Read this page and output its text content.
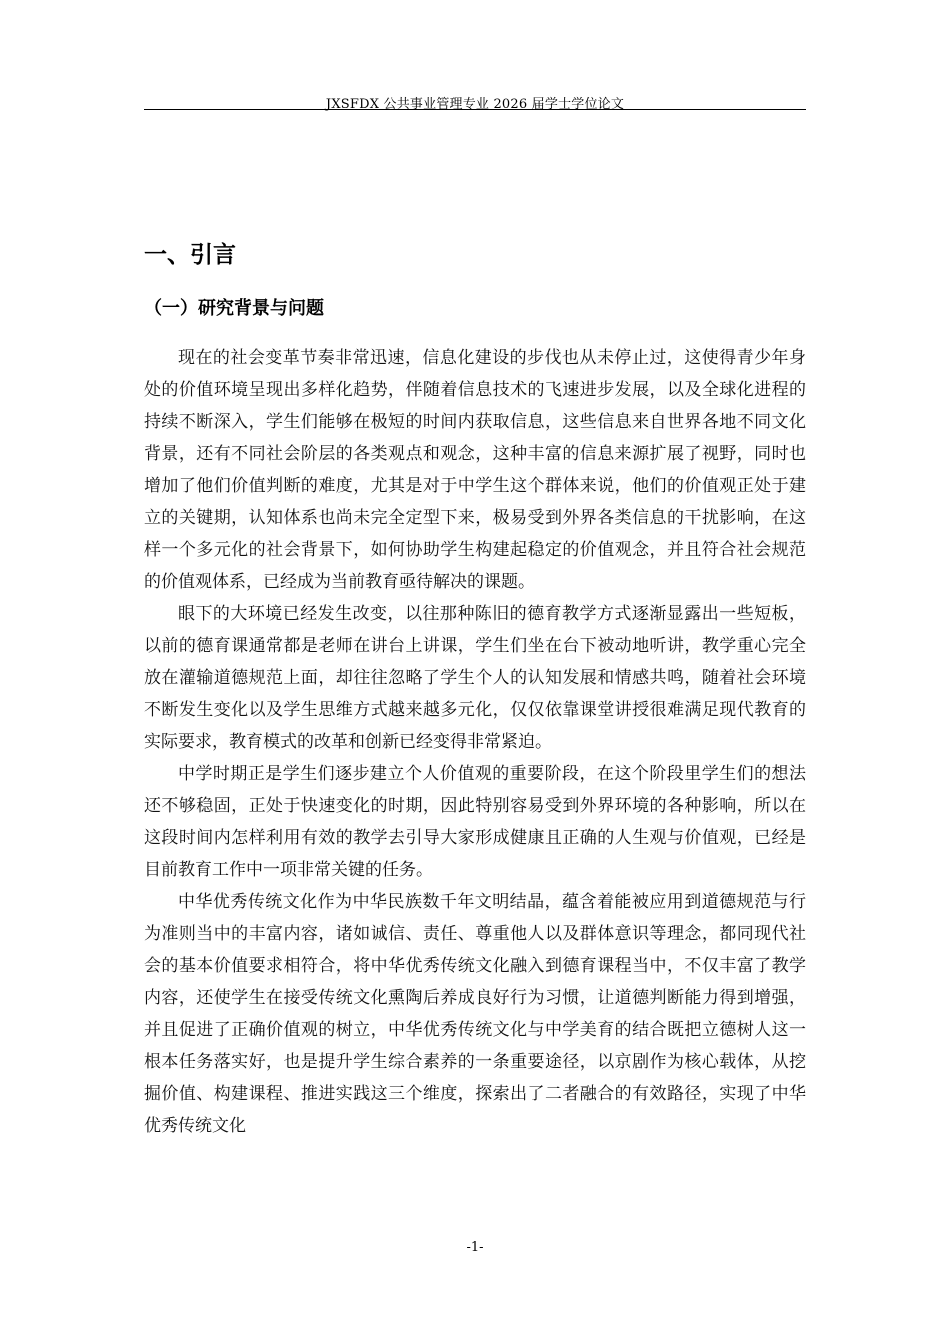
JXSFDX 公共事业管理专业 2026 届学士学位论文
一、引言
（一）研究背景与问题

现在的社会变革节奏非常迅速，信息化建设的步伐也从未停止过，这使得青少年身处的价值环境呈现出多样化趋势，伴随着信息技术的飞速进步发展，以及全球化进程的持续不断深入，学生们能够在极短的时间内获取信息，这些信息来自世界各地不同文化背景，还有不同社会阶层的各类观点和观念，这种丰富的信息来源扩展了视野，同时也增加了他们价值判断的难度，尤其是对于中学生这个群体来说，他们的价值观正处于建立的关键期，认知体系也尚未完全定型下来，极易受到外界各类信息的干扰影响，在这样一个多元化的社会背景下，如何协助学生构建起稳定的价值观念，并且符合社会规范的价值观体系，已经成为当前教育亟待解决的课题。

眼下的大环境已经发生改变，以往那种陈旧的德育教学方式逐渐显露出一些短板，以前的德育课通常都是老师在讲台上讲课，学生们坐在台下被动地听讲，教学重心完全放在灌输道德规范上面，却往往忽略了学生个人的认知发展和情感共鸣，随着社会环境不断发生变化以及学生思维方式越来越多元化，仅仅依靠课堂讲授很难满足现代教育的实际要求，教育模式的改革和创新已经变得非常紧迫。

中学时期正是学生们逐步建立个人价值观的重要阶段，在这个阶段里学生们的想法还不够稳固，正处于快速变化的时期，因此特别容易受到外界环境的各种影响，所以在这段时间内怎样利用有效的教学去引导大家形成健康且正确的人生观与价值观，已经是目前教育工作中一项非常关键的任务。

中华优秀传统文化作为中华民族数千年文明结晶，蕴含着能被应用到道德规范与行为准则当中的丰富内容，诸如诚信、责任、尊重他人以及群体意识等理念，都同现代社会的基本价值要求相符合，将中华优秀传统文化融入到德育课程当中，不仅丰富了教学内容，还使学生在接受传统文化熏陶后养成良好行为习惯，让道德判断能力得到增强，并且促进了正确价值观的树立，中华优秀传统文化与中学美育的结合既把立德树人这一根本任务落实好，也是提升学生综合素养的一条重要途径，以京剧作为核心载体，从挖掘价值、构建课程、推进实践这三个维度，探索出了二者融合的有效路径，实现了中华优秀传统文化

-1-
